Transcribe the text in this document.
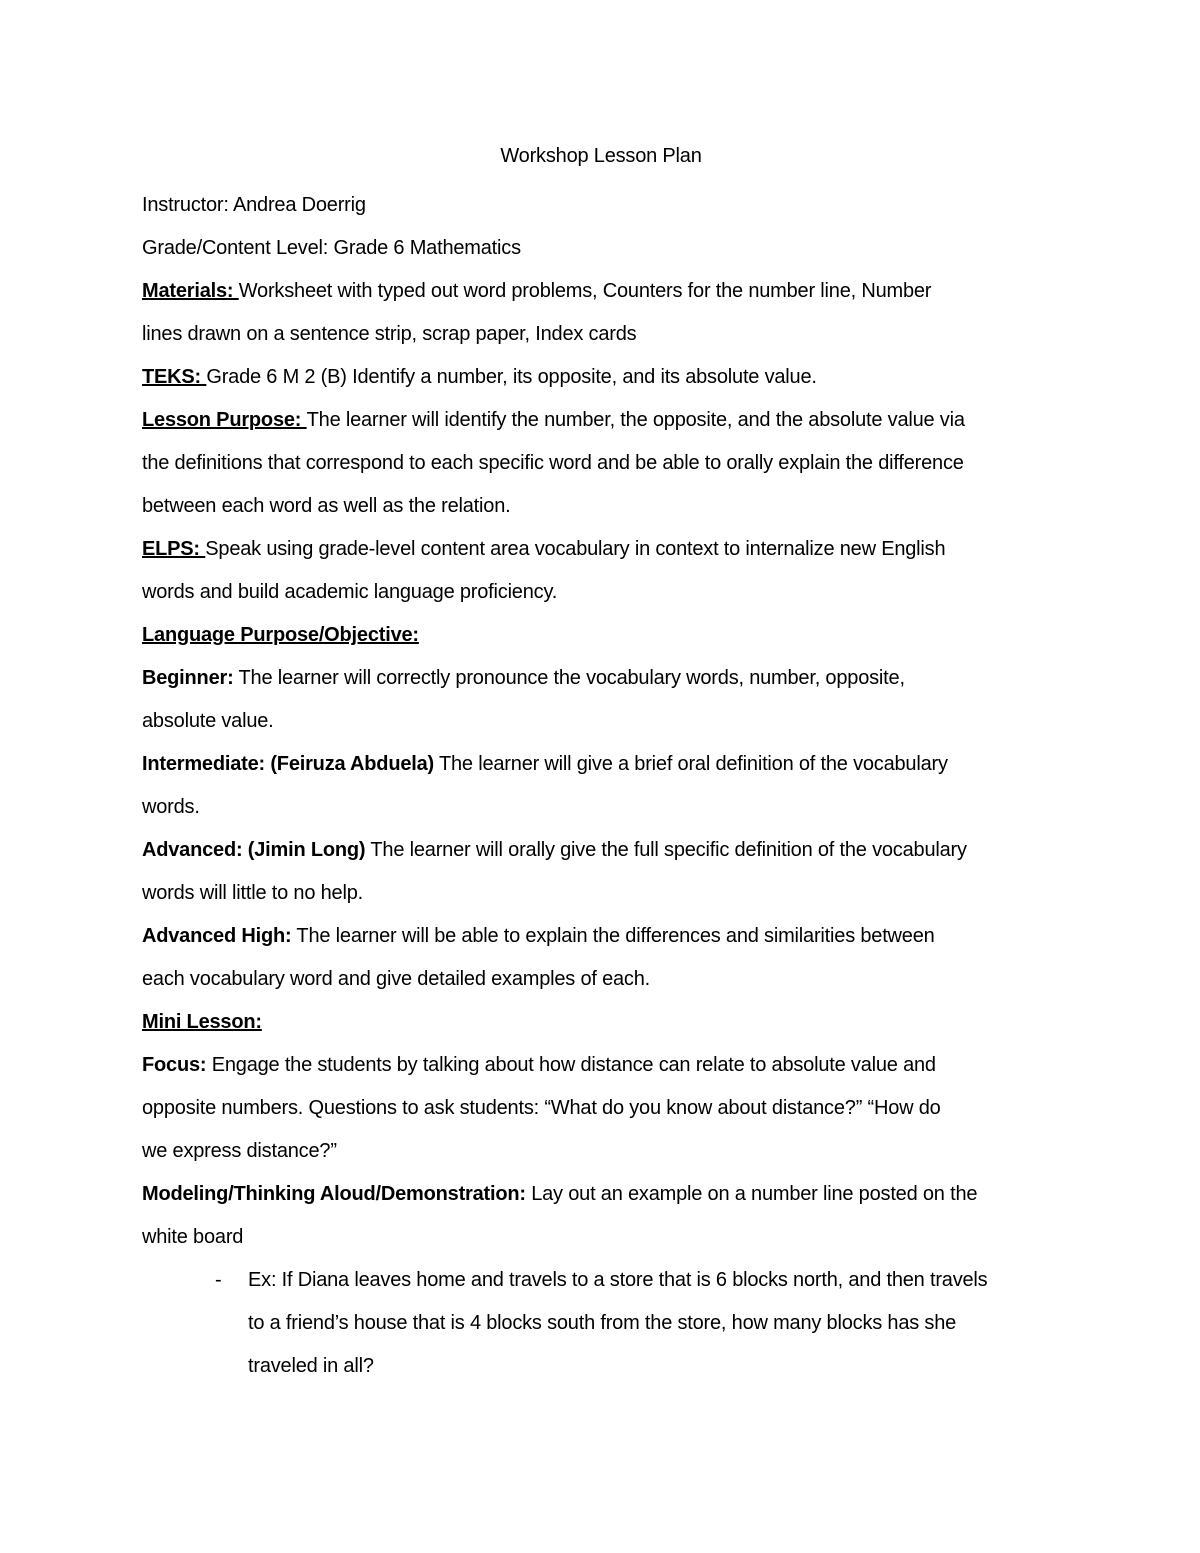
Workshop Lesson Plan

Instructor: Andrea Doerrig

Grade/Content Level: Grade 6 Mathematics

Materials: Worksheet with typed out word problems, Counters for the number line, Number

lines drawn on a sentence strip, scrap paper, Index cards

TEKS: Grade 6 M 2 (B) Identify a number, its opposite, and its absolute value.

Lesson Purpose: The learner will identify the number, the opposite, and the absolute value via

the definitions that correspond to each specific word and be able to orally explain the difference

between each word as well as the relation.

ELPS: Speak using grade-level content area vocabulary in context to internalize new English

words and build academic language proficiency.

Language Purpose/Objective:

Beginner: The learner will correctly pronounce the vocabulary words, number, opposite,

absolute value.

Intermediate: (Feiruza Abduela) The learner will give a brief oral definition of the vocabulary

words.

Advanced: (Jimin Long) The learner will orally give the full specific definition of the vocabulary

words will little to no help.

Advanced High: The learner will be able to explain the differences and similarities between

each vocabulary word and give detailed examples of each.

Mini Lesson:

Focus: Engage the students by talking about how distance can relate to absolute value and

opposite numbers. Questions to ask students: “What do you know about distance?” “How do

we express distance?”

Modeling/Thinking Aloud/Demonstration: Lay out an example on a number line posted on the

white board

- Ex: If Diana leaves home and travels to a store that is 6 blocks north, and then travels

to a friend’s house that is 4 blocks south from the store, how many blocks has she

traveled in all?
